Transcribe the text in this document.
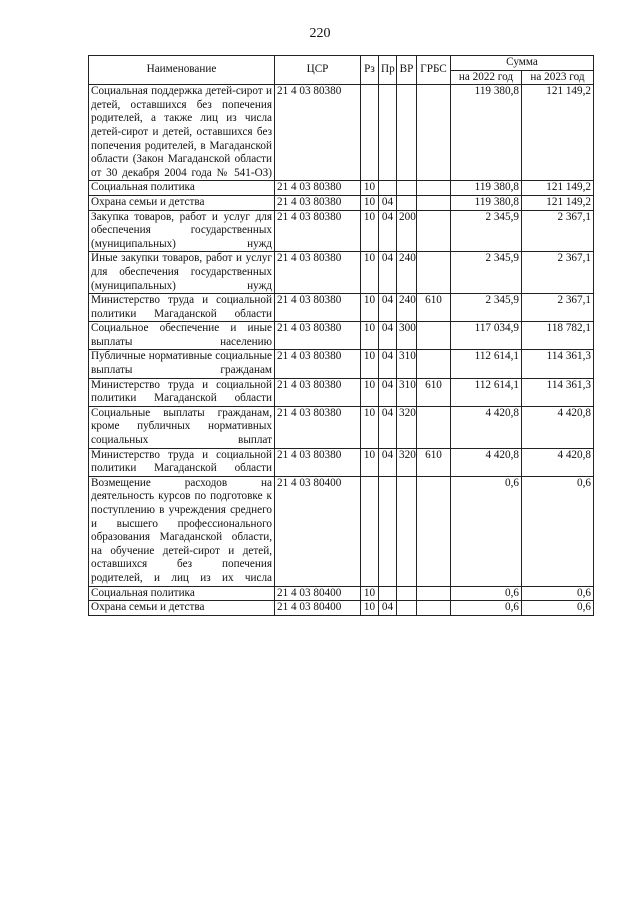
220
Наименование	ЦСР	Рз	Пр	ВР	ГРБС	Сумма	
						на 2022 год	на 2023 год
Социальная поддержка детей-сирот и детей, оставшихся без попечения родителей, а также лиц из числа детей-сирот и детей, оставшихся без попечения родителей, в Магаданской области (Закон Магаданской области от 30 декабря 2004 года № 541-ОЗ)	21 4 03 80380					119 380,8	121 149,2
Социальная политика	21 4 03 80380	10				119 380,8	121 149,2
Охрана семьи и детства	21 4 03 80380	10	04			119 380,8	121 149,2
Закупка товаров, работ и услуг для обеспечения государственных (муниципальных) нужд	21 4 03 80380	10	04	200		2 345,9	2 367,1
Иные закупки товаров, работ и услуг для обеспечения государственных (муниципальных) нужд	21 4 03 80380	10	04	240		2 345,9	2 367,1
Министерство труда и социальной политики Магаданской области	21 4 03 80380	10	04	240	610	2 345,9	2 367,1
Социальное обеспечение и иные выплаты населению	21 4 03 80380	10	04	300		117 034,9	118 782,1
Публичные нормативные социальные выплаты гражданам	21 4 03 80380	10	04	310		112 614,1	114 361,3
Министерство труда и социальной политики Магаданской области	21 4 03 80380	10	04	310	610	112 614,1	114 361,3
Социальные выплаты гражданам, кроме публичных нормативных социальных выплат	21 4 03 80380	10	04	320		4 420,8	4 420,8
Министерство труда и социальной политики Магаданской области	21 4 03 80380	10	04	320	610	4 420,8	4 420,8
Возмещение расходов на деятельность курсов по подготовке к поступлению в учреждения среднего и высшего профессионального образования Магаданской области, на обучение детей-сирот и детей, оставшихся без попечения родителей, и лиц из их числа	21 4 03 80400					0,6	0,6
Социальная политика	21 4 03 80400	10				0,6	0,6
Охрана семьи и детства	21 4 03 80400	10	04			0,6	0,6
